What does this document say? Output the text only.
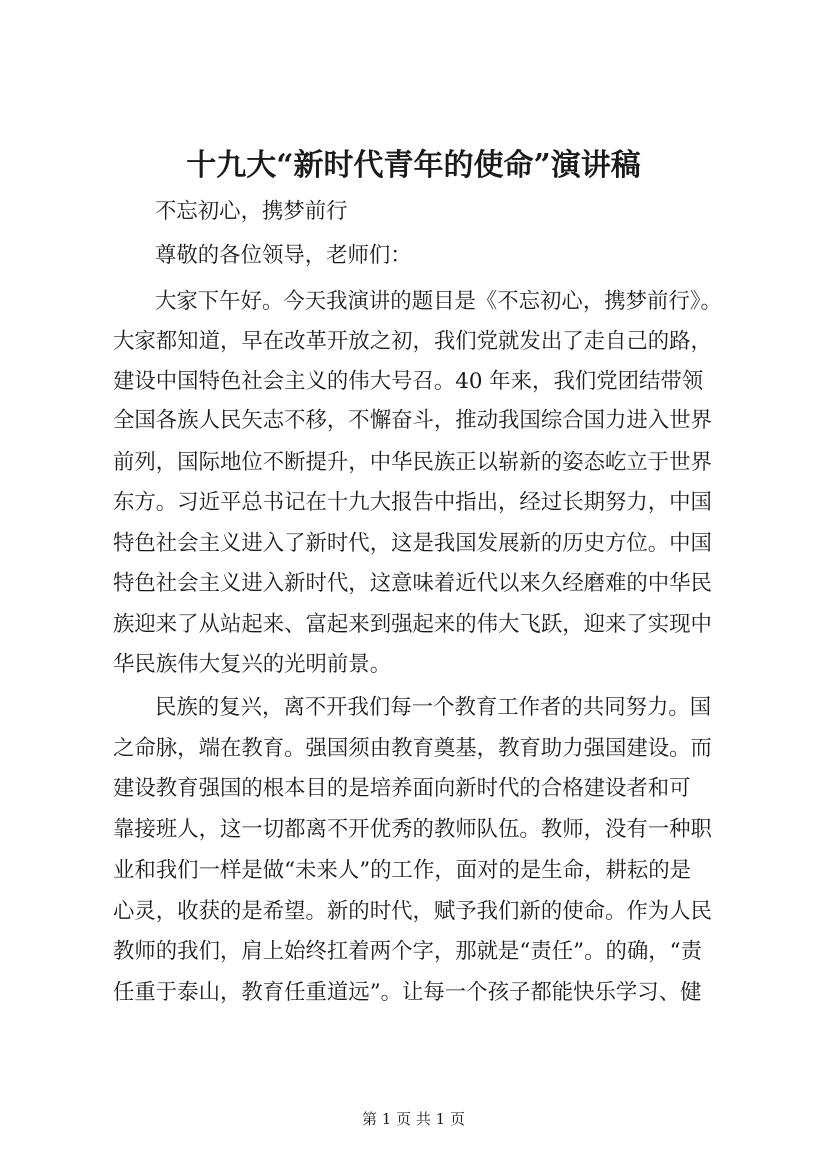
十九大“新时代青年的使命”演讲稿

不忘初心，携梦前行

尊敬的各位领导，老师们：

大家下午好。今天我演讲的题目是《不忘初心，携梦前行》。

大家都知道，早在改革开放之初，我们党就发出了走自己的路，

建设中国特色社会主义的伟大号召。40 年来，我们党团结带领

全国各族人民矢志不移，不懈奋斗，推动我国综合国力进入世界

前列，国际地位不断提升，中华民族正以崭新的姿态屹立于世界

东方。习近平总书记在十九大报告中指出，经过长期努力，中国

特色社会主义进入了新时代，这是我国发展新的历史方位。中国

特色社会主义进入新时代，这意味着近代以来久经磨难的中华民

族迎来了从站起来、富起来到强起来的伟大飞跃，迎来了实现中

华民族伟大复兴的光明前景。

民族的复兴，离不开我们每一个教育工作者的共同努力。国

之命脉，端在教育。强国须由教育奠基，教育助力强国建设。而

建设教育强国的根本目的是培养面向新时代的合格建设者和可

靠接班人，这一切都离不开优秀的教师队伍。教师，没有一种职

业和我们一样是做“未来人”的工作，面对的是生命，耕耘的是

心灵，收获的是希望。新的时代，赋予我们新的使命。作为人民

教师的我们，肩上始终扛着两个字，那就是“责任”。的确，“责

任重于泰山，教育任重道远”。让每一个孩子都能快乐学习、健

第 1 页 共 1 页
